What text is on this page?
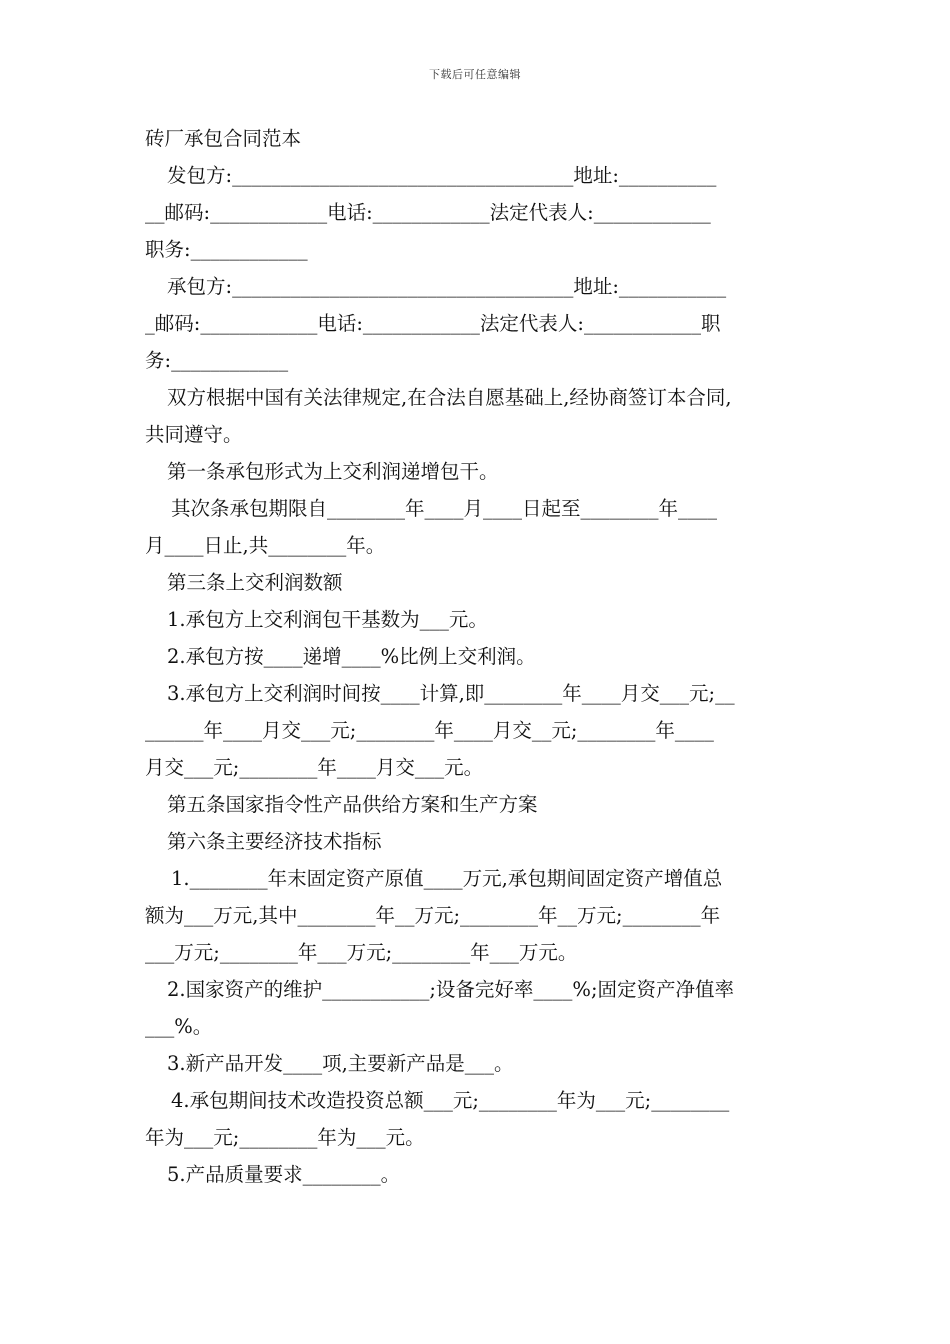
下载后可任意编辑

砖厂承包合同范本

发包方:___________________________________地址:__________

__邮码:____________电话:____________法定代表人:____________

职务:____________

承包方:___________________________________地址:___________

_邮码:____________电话:____________法定代表人:____________职

务:____________

双方根据中国有关法律规定,在合法自愿基础上,经协商签订本合同,

共同遵守。

第一条承包形式为上交利润递增包干。

其次条承包期限自________年____月____日起至________年____

月____日止,共________年。

第三条上交利润数额

1.承包方上交利润包干基数为___元。

2.承包方按____递增____%比例上交利润。

3.承包方上交利润时间按____计算,即________年____月交___元;__

______年____月交___元;________年____月交__元;________年____

月交___元;________年____月交___元。

第五条国家指令性产品供给方案和生产方案

第六条主要经济技术指标

1.________年末固定资产原值____万元,承包期间固定资产增值总

额为___万元,其中________年__万元;________年__万元;________年

___万元;________年___万元;________年___万元。

2.国家资产的维护___________;设备完好率____%;固定资产净值率

___%。

3.新产品开发____项,主要新产品是___。

4.承包期间技术改造投资总额___元;________年为___元;________

年为___元;________年为___元。

5.产品质量要求________。
